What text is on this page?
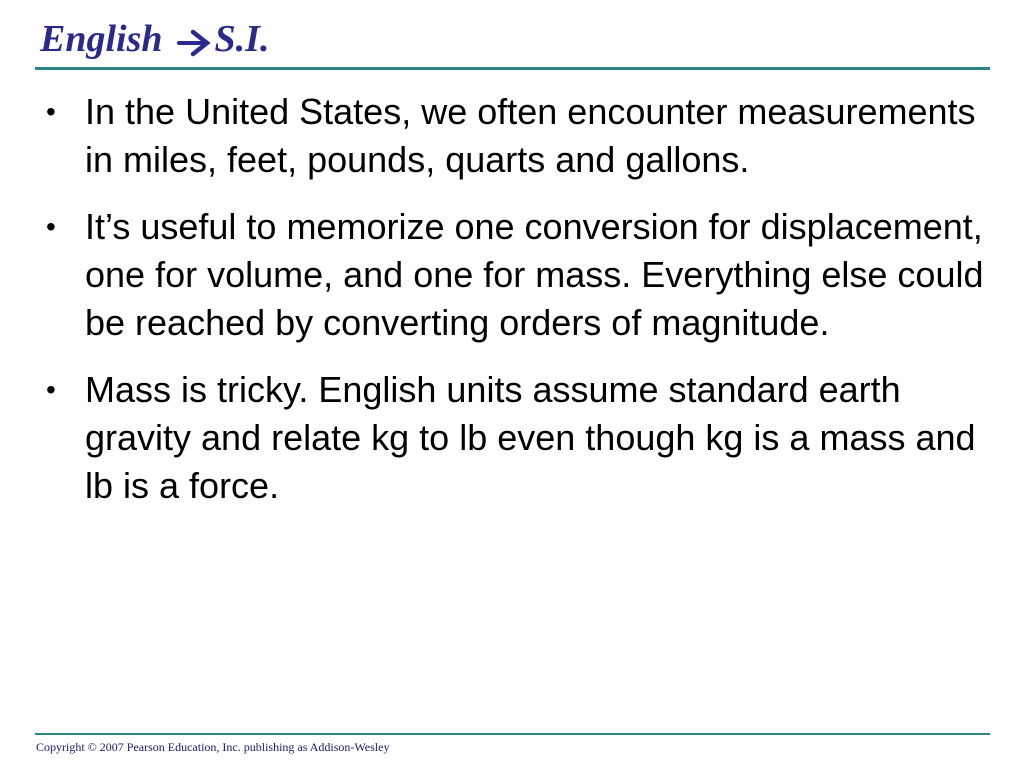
English S.I.
• In the United States, we often encounter measurements in miles, feet, pounds, quarts and gallons.
• It’s useful to memorize one conversion for displacement, one for volume, and one for mass. Everything else could be reached by converting orders of magnitude.
• Mass is tricky. English units assume standard earth gravity and relate kg to lb even though kg is a mass and lb is a force.
Copyright © 2007 Pearson Education, Inc. publishing as Addison-Wesley
